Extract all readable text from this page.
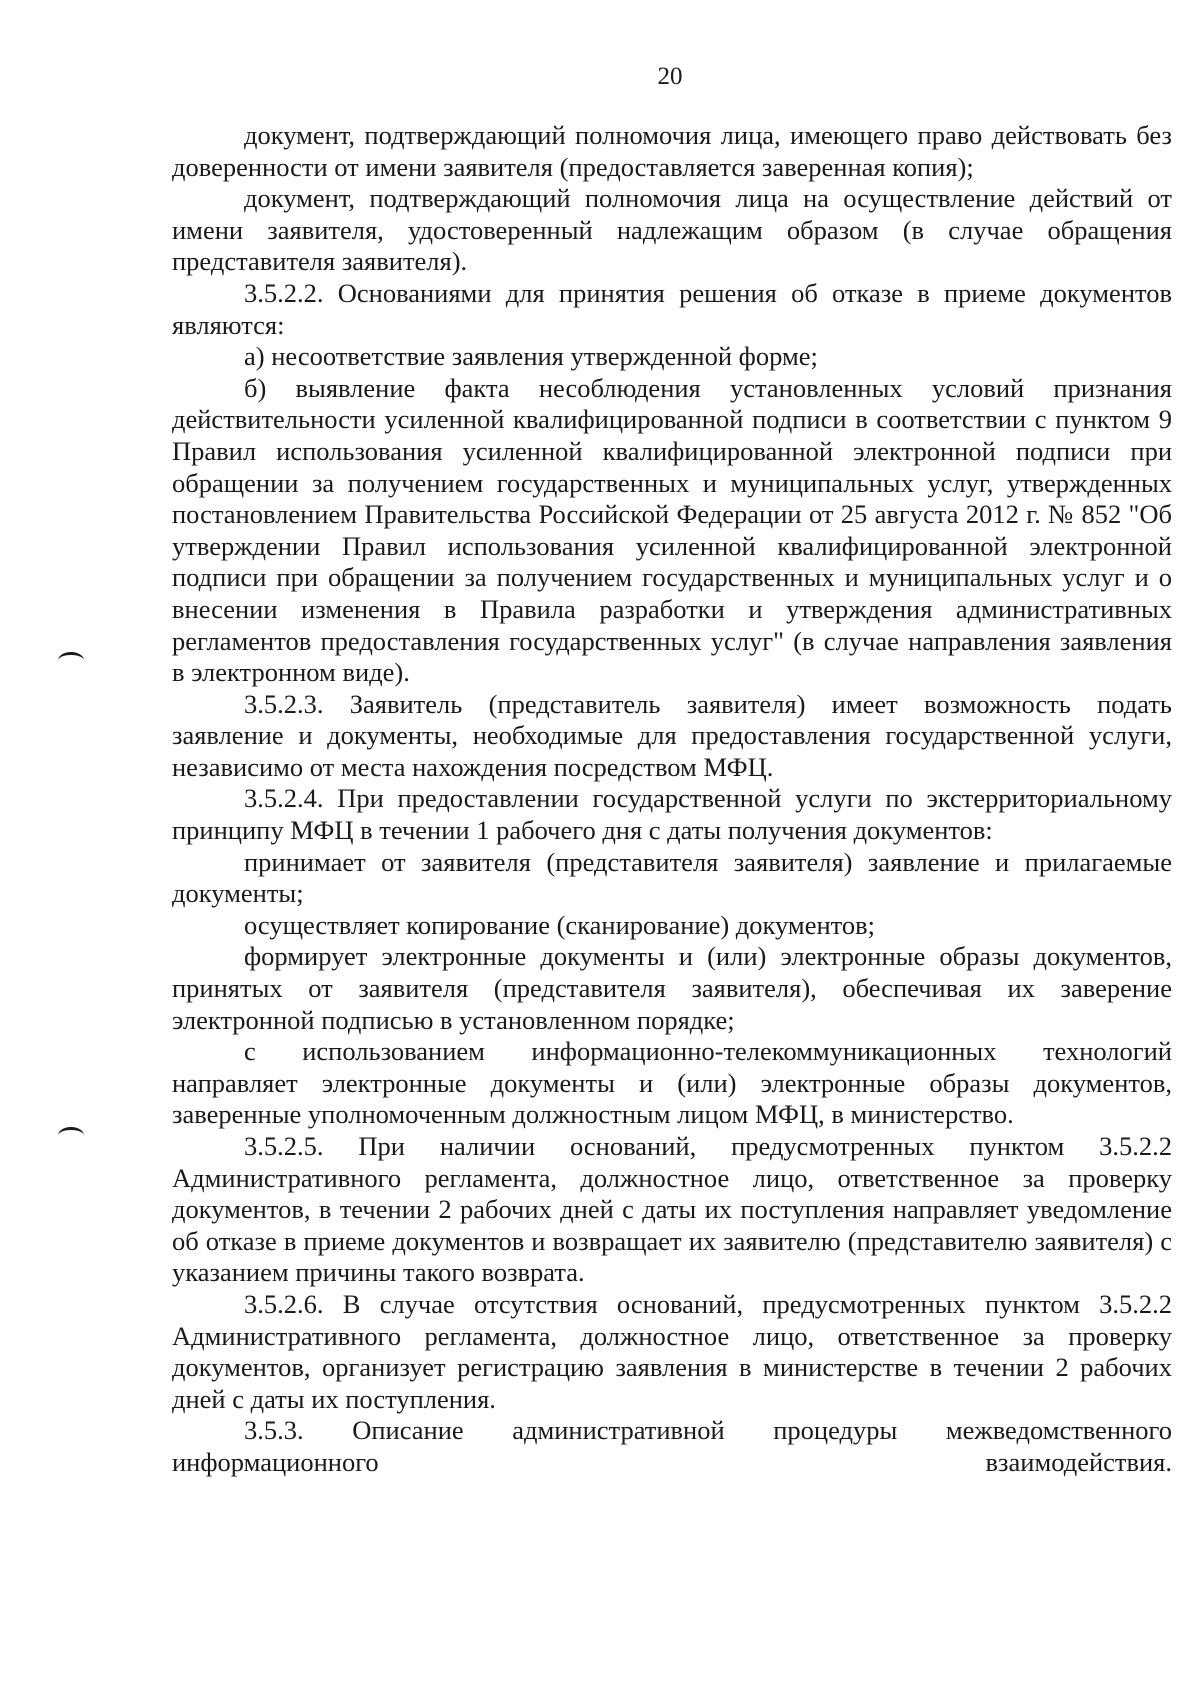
20

документ, подтверждающий полномочия лица, имеющего право действовать без доверенности от имени заявителя (предоставляется заверенная копия);

документ, подтверждающий полномочия лица на осуществление действий от имени заявителя, удостоверенный надлежащим образом (в случае обращения представителя заявителя).

3.5.2.2. Основаниями для принятия решения об отказе в приеме документов являются:

а) несоответствие заявления утвержденной форме;

б) выявление факта несоблюдения установленных условий признания действительности усиленной квалифицированной подписи в соответствии с пунктом 9 Правил использования усиленной квалифицированной электронной подписи при обращении за получением государственных и муниципальных услуг, утвержденных постановлением Правительства Российской Федерации от 25 августа 2012 г. № 852 "Об утверждении Правил использования усиленной квалифицированной электронной подписи при обращении за получением государственных и муниципальных услуг и о внесении изменения в Правила разработки и утверждения административных регламентов предоставления государственных услуг" (в случае направления заявления в электронном виде).

3.5.2.3. Заявитель (представитель заявителя) имеет возможность подать заявление и документы, необходимые для предоставления государственной услуги, независимо от места нахождения посредством МФЦ.

3.5.2.4. При предоставлении государственной услуги по экстерриториальному принципу МФЦ в течении 1 рабочего дня с даты получения документов:

принимает от заявителя (представителя заявителя) заявление и прилагаемые документы;

осуществляет копирование (сканирование) документов;

формирует электронные документы и (или) электронные образы документов, принятых от заявителя (представителя заявителя), обеспечивая их заверение электронной подписью в установленном порядке;

с использованием информационно-телекоммуникационных технологий направляет электронные документы и (или) электронные образы документов, заверенные уполномоченным должностным лицом МФЦ, в министерство.

3.5.2.5. При наличии оснований, предусмотренных пунктом 3.5.2.2 Административного регламента, должностное лицо, ответственное за проверку документов, в течении 2 рабочих дней с даты их поступления направляет уведомление об отказе в приеме документов и возвращает их заявителю (представителю заявителя) с указанием причины такого возврата.

3.5.2.6. В случае отсутствия оснований, предусмотренных пунктом 3.5.2.2 Административного регламента, должностное лицо, ответственное за проверку документов, организует регистрацию заявления в министерстве в течении 2 рабочих дней с даты их поступления.

3.5.3. Описание административной процедуры межведомственного информационного взаимодействия.
